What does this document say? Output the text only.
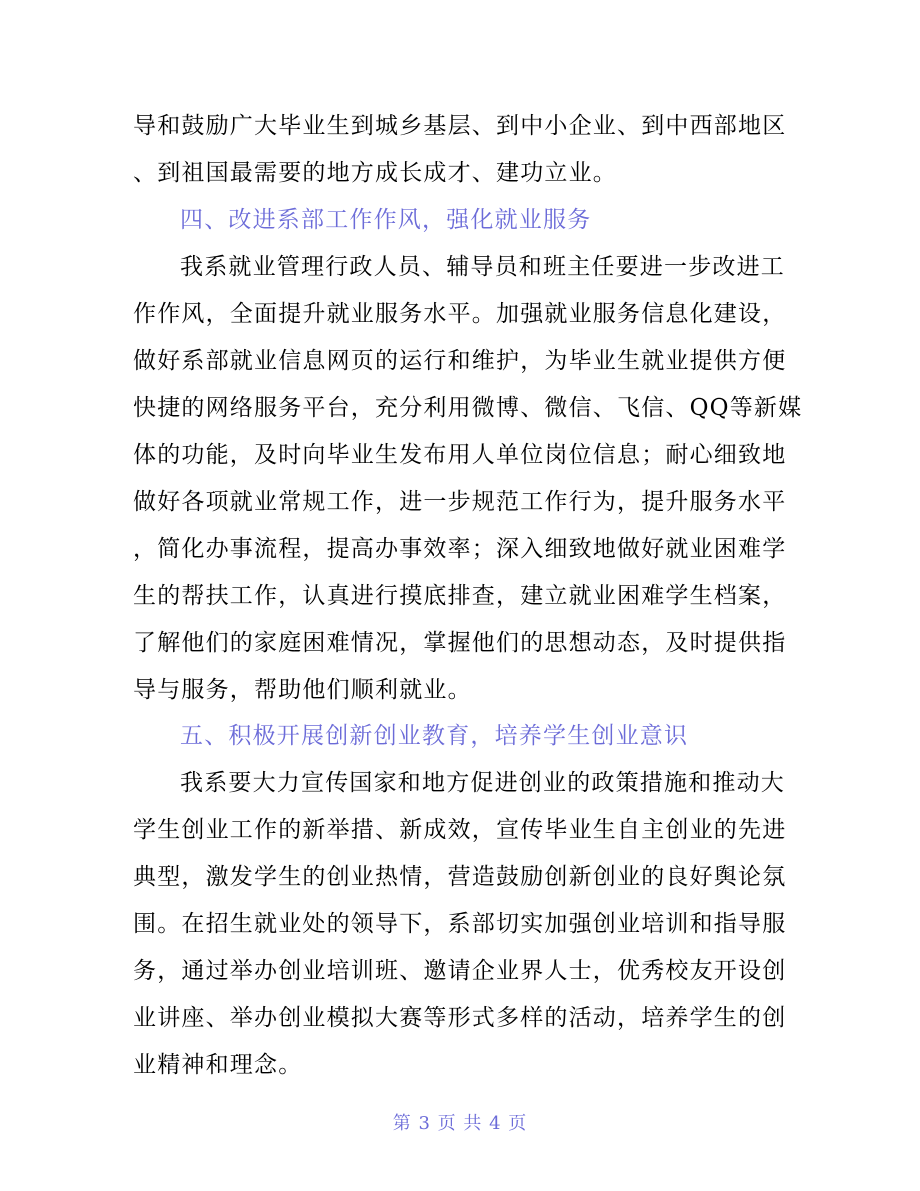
导和鼓励广大毕业生到城乡基层、到中小企业、到中西部地区
、到祖国最需要的地方成长成才、建功立业。
四、改进系部工作作风，强化就业服务
我系就业管理行政人员、辅导员和班主任要进一步改进工
作作风，全面提升就业服务水平。加强就业服务信息化建设，
做好系部就业信息网页的运行和维护，为毕业生就业提供方便
快捷的网络服务平台，充分利用微博、微信、飞信、QQ等新媒
体的功能，及时向毕业生发布用人单位岗位信息；耐心细致地
做好各项就业常规工作，进一步规范工作行为，提升服务水平
，简化办事流程，提高办事效率；深入细致地做好就业困难学
生的帮扶工作，认真进行摸底排查，建立就业困难学生档案，
了解他们的家庭困难情况，掌握他们的思想动态，及时提供指
导与服务，帮助他们顺利就业。
五、积极开展创新创业教育，培养学生创业意识
我系要大力宣传国家和地方促进创业的政策措施和推动大
学生创业工作的新举措、新成效，宣传毕业生自主创业的先进
典型，激发学生的创业热情，营造鼓励创新创业的良好舆论氛
围。在招生就业处的领导下，系部切实加强创业培训和指导服
务，通过举办创业培训班、邀请企业界人士，优秀校友开设创
业讲座、举办创业模拟大赛等形式多样的活动，培养学生的创
业精神和理念。
第 3 页 共 4 页
